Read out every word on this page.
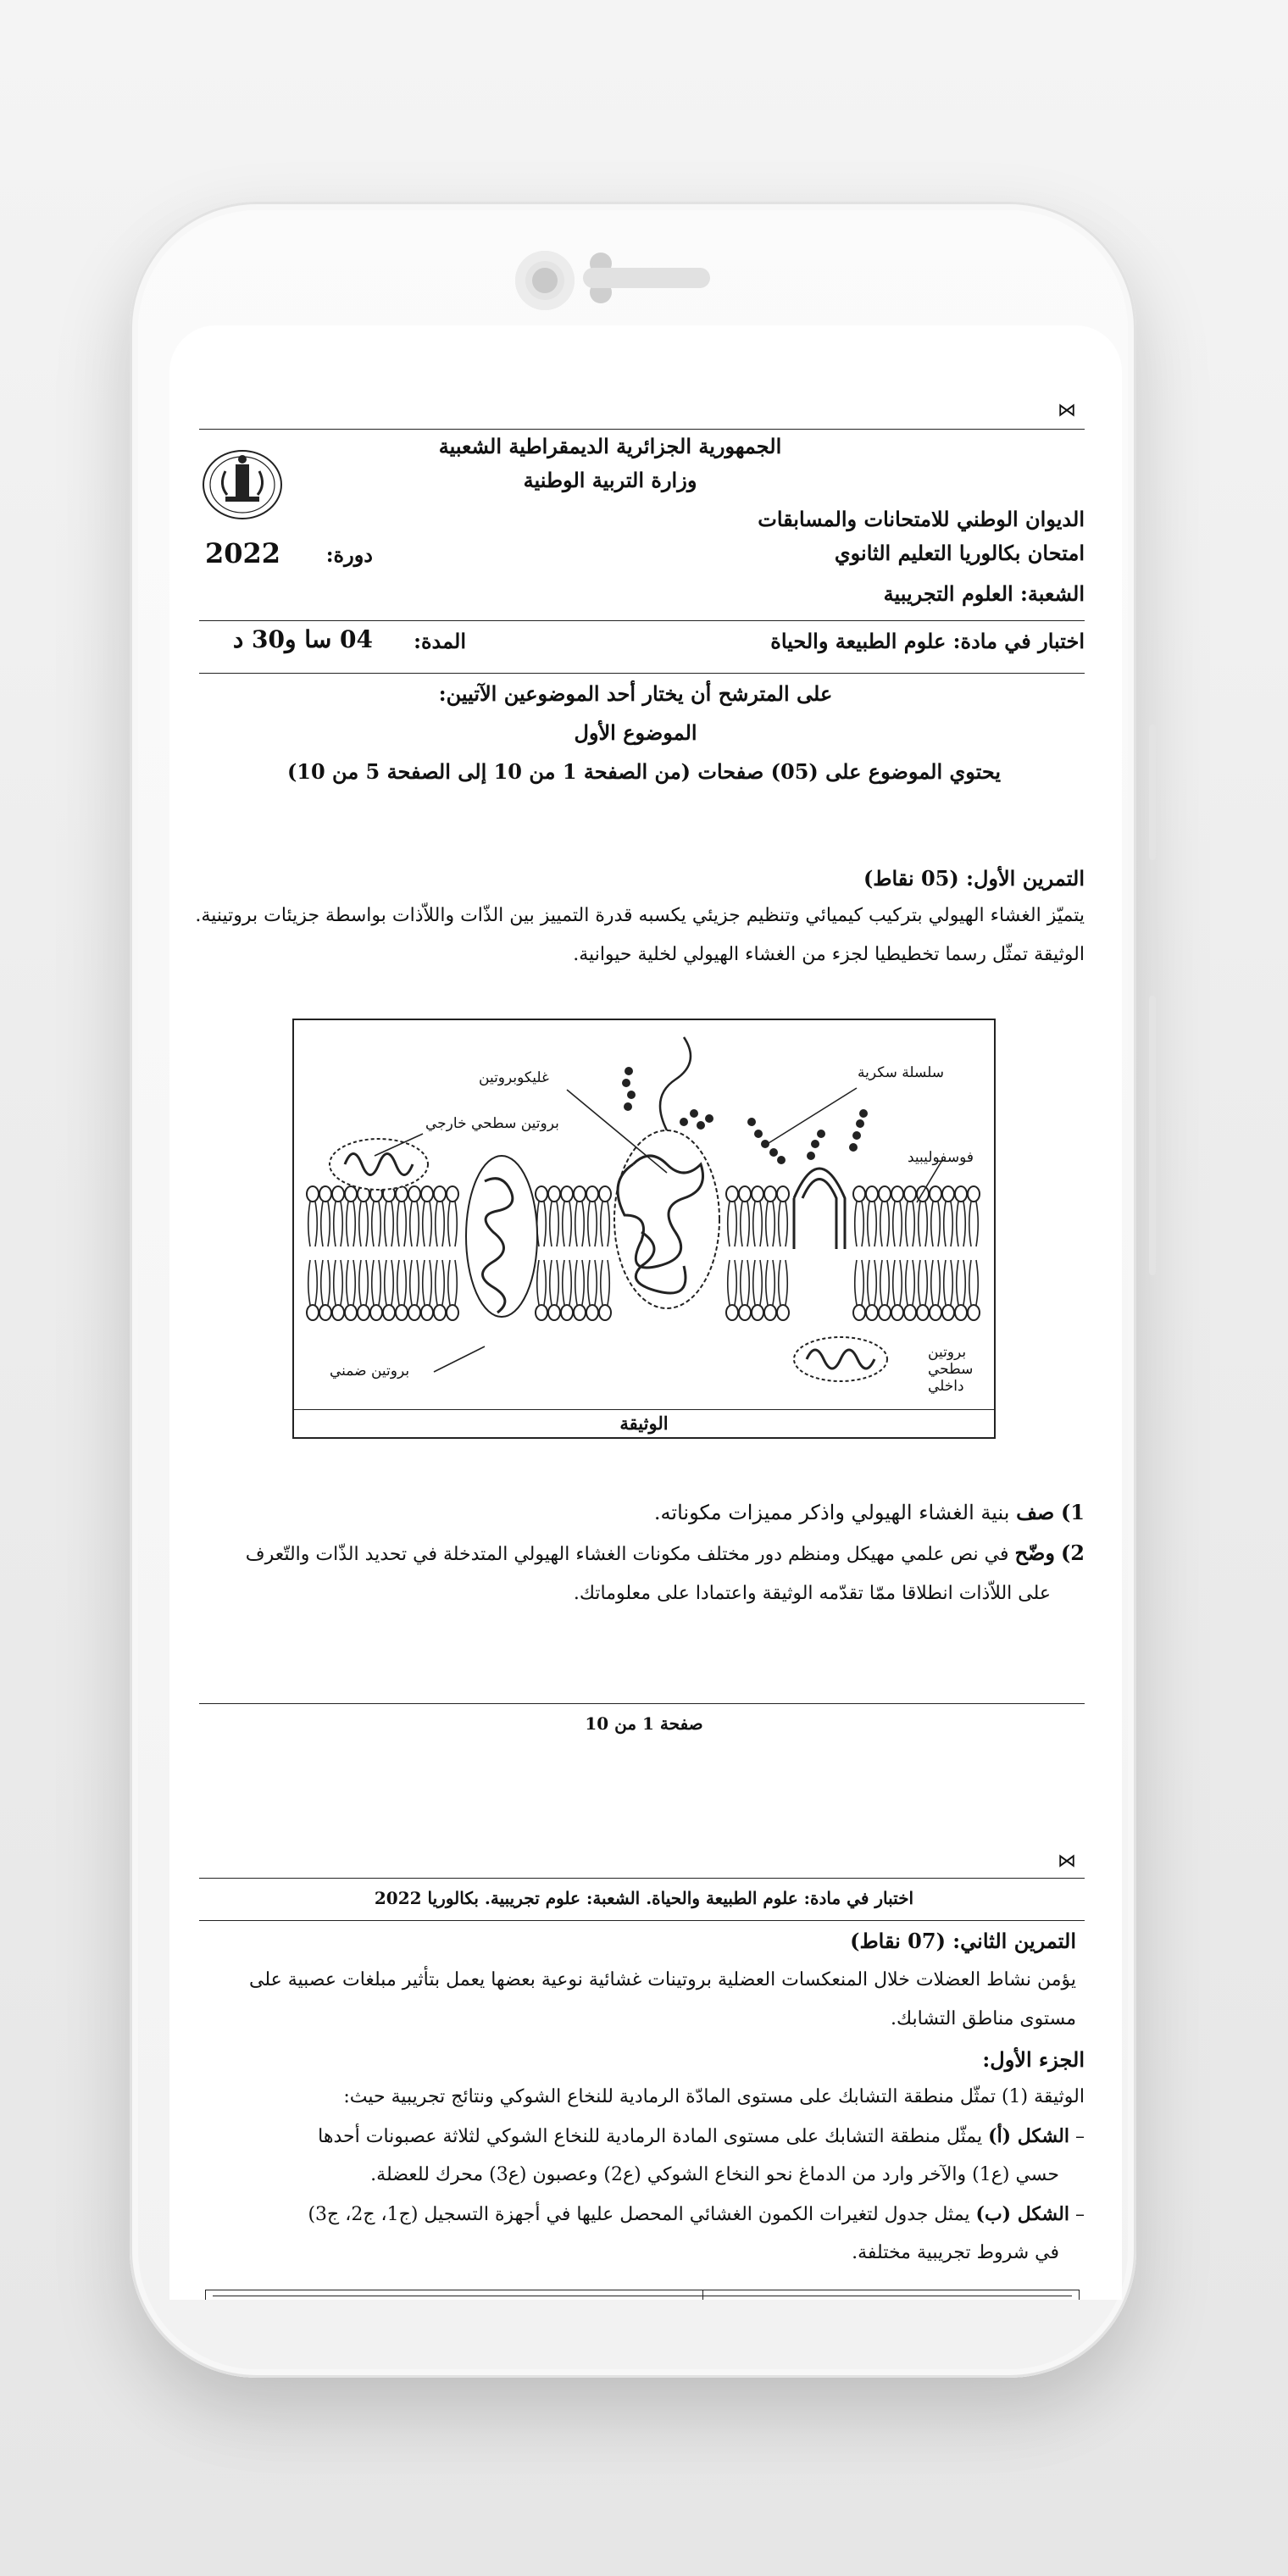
⋈
الجمهورية الجزائرية الديمقراطية الشعبية
وزارة التربية الوطنية
الديوان الوطني للامتحانات والمسابقات
امتحان بكالوريا التعليم الثانوي
2022	دورة:
الشعبة: العلوم التجريبية
اختبار في مادة: علوم الطبيعة والحياة
04 سا و30 د	المدة:
على المترشح أن يختار أحد الموضوعين الآتيين:
الموضوع الأول
يحتوي الموضوع على (05) صفحات (من الصفحة 1 من 10 إلى الصفحة 5 من 10)
التمرين الأول: (05 نقاط)
يتميّز الغشاء الهيولي بتركيب كيميائي وتنظيم جزيئي يكسبه قدرة التمييز بين الذّات واللاّذات بواسطة جزيئات بروتينية.
الوثيقة تمثّل رسما تخطيطيا لجزء من الغشاء الهيولي لخلية حيوانية.
غليكوبروتين	سلسلة سكرية
بروتين سطحي خارجي
فوسفوليبيد
بروتين ضمني
بروتين
سطحي
داخلي
الوثيقة
1) صف بنية الغشاء الهيولي واذكر مميزات مكوناته.
2) وضّح في نص علمي مهيكل ومنظم دور مختلف مكونات الغشاء الهيولي المتدخلة في تحديد الذّات والتّعرف
على اللاّذات انطلاقا ممّا تقدّمه الوثيقة واعتمادا على معلوماتك.
صفحة 1 من 10
⋈
اختبار في مادة: علوم الطبيعة والحياة. الشعبة: علوم تجريبية. بكالوريا 2022
التمرين الثاني: (07 نقاط)
يؤمن نشاط العضلات خلال المنعكسات العضلية بروتينات غشائية نوعية بعضها يعمل بتأثير مبلغات عصبية على
مستوى مناطق التشابك.
الجزء الأول:
الوثيقة (1) تمثّل منطقة التشابك على مستوى المادّة الرمادية للنخاع الشوكي ونتائج تجريبية حيث:
– الشكل (أ) يمثّل منطقة التشابك على مستوى المادة الرمادية للنخاع الشوكي لثلاثة عصبونات أحدها
حسي (ع1) والآخر وارد من الدماغ نحو النخاع الشوكي (ع2) وعصبون (ع3) محرك للعضلة.
– الشكل (ب) يمثل جدول لتغيرات الكمون الغشائي المحصل عليها في أجهزة التسجيل (ج1، ج2، ج3)
في شروط تجريبية مختلفة.
